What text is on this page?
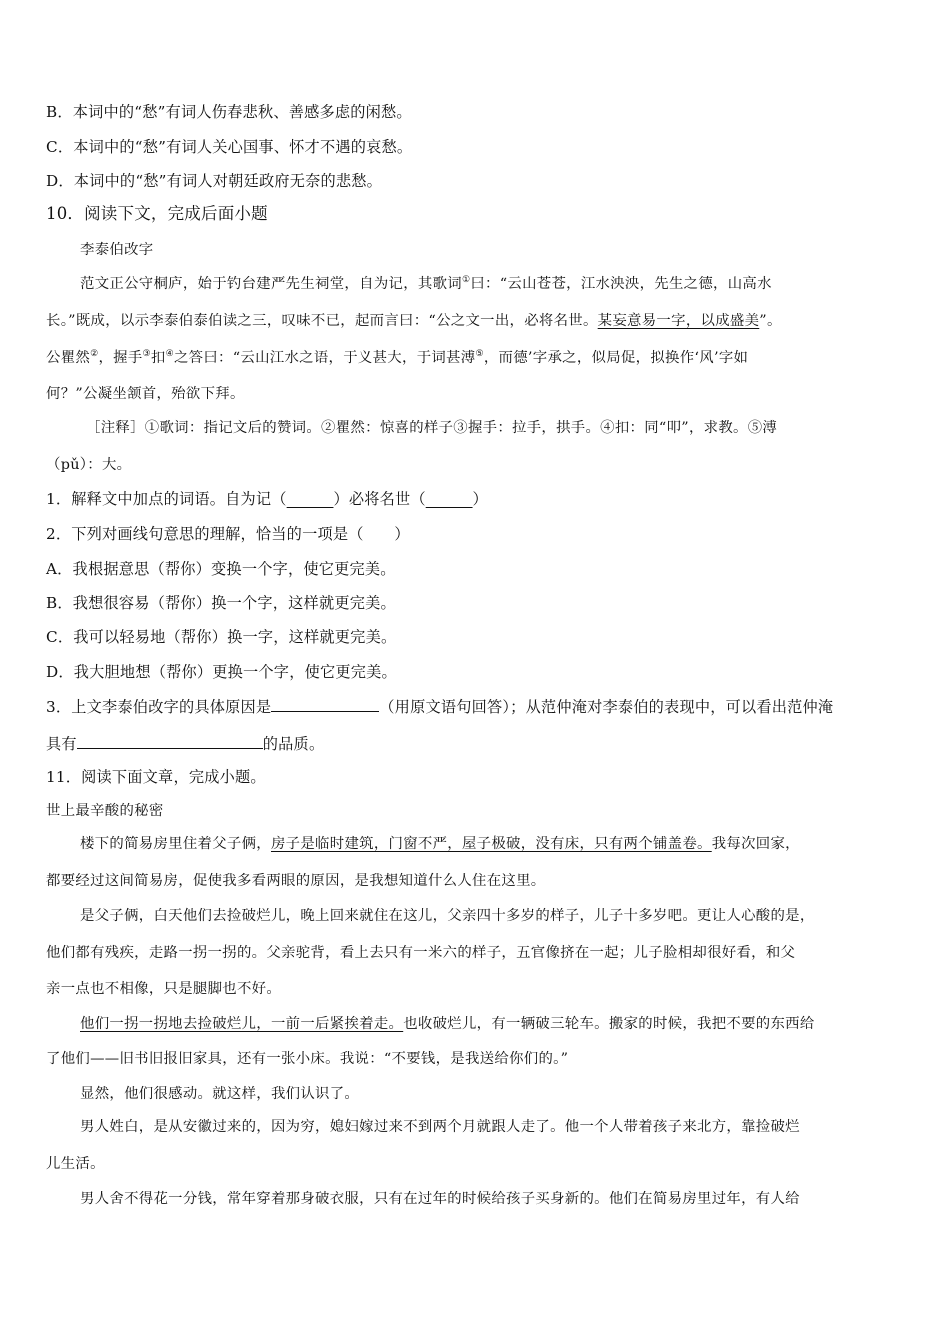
B．本词中的“愁”有词人伤春悲秋、善感多虑的闲愁。
C．本词中的“愁”有词人关心国事、怀才不遇的哀愁。
D．本词中的“愁”有词人对朝廷政府无奈的悲愁。
10．阅读下文，完成后面小题
李泰伯改字
范文正公守桐庐，始于钓台建严先生祠堂，自为记，其歌词①曰：“云山苍苍，江水泱泱，先生之德，山高水
长。”既成，以示李泰伯泰伯读之三，叹味不已，起而言曰：“公之文一出，必将名世。某妄意易一字，以成盛美”。
公瞿然②，握手③扣④之答曰：“云山江水之语，于义甚大，于词甚溥⑤，而德’字承之，似局促，拟换作‘风’字如
何？”公凝坐颔首，殆欲下拜。
［注释］①歌词：指记文后的赞词。②瞿然：惊喜的样子③握手：拉手，拱手。④扣：同“叩”，求教。⑤溥
（pǔ）：大。
1．解释文中加点的词语。自为记（______）必将名世（______）
2．下列对画线句意思的理解，恰当的一项是（　　）
A．我根据意思（帮你）变换一个字，使它更完美。
B．我想很容易（帮你）换一个字，这样就更完美。
C．我可以轻易地（帮你）换一字，这样就更完美。
D．我大胆地想（帮你）更换一个字，使它更完美。
3．上文李泰伯改字的具体原因是	（用原文语句回答）；从范仲淹对李泰伯的表现中，可以看出范仲淹
具有	的品质。
11．阅读下面文章，完成小题。
世上最辛酸的秘密
楼下的简易房里住着父子俩，房子是临时建筑，门窗不严，屋子极破，没有床，只有两个铺盖卷。我每次回家，
都要经过这间简易房，促使我多看两眼的原因，是我想知道什么人住在这里。
是父子俩，白天他们去捡破烂儿，晚上回来就住在这儿，父亲四十多岁的样子，儿子十多岁吧。更让人心酸的是，
他们都有残疾，走路一拐一拐的。父亲驼背，看上去只有一米六的样子，五官像挤在一起；儿子脸相却很好看，和父
亲一点也不相像，只是腿脚也不好。
他们一拐一拐地去捡破烂儿，一前一后紧挨着走。也收破烂儿，有一辆破三轮车。搬家的时候，我把不要的东西给
了他们——旧书旧报旧家具，还有一张小床。我说：“不要钱，是我送给你们的。”
显然，他们很感动。就这样，我们认识了。
男人姓白，是从安徽过来的，因为穷，媳妇嫁过来不到两个月就跟人走了。他一个人带着孩子来北方，靠捡破烂
儿生活。
男人舍不得花一分钱，常年穿着那身破衣服，只有在过年的时候给孩子买身新的。他们在简易房里过年，有人给
